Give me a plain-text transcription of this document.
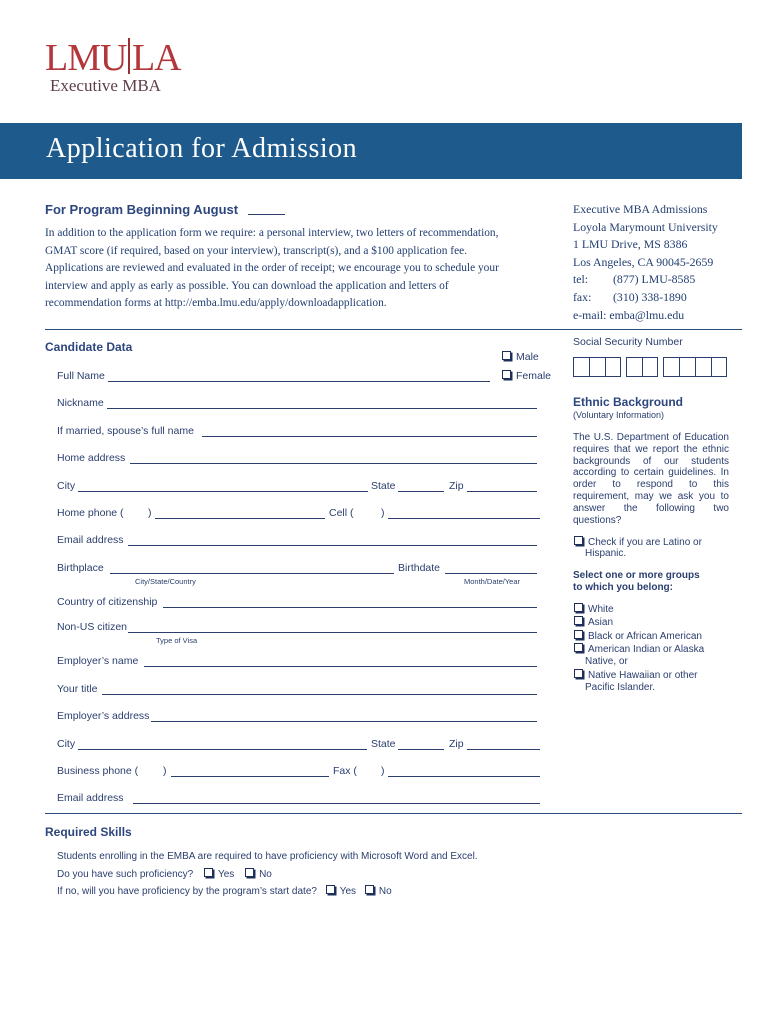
LMU LA
Executive MBA
Application for Admission
For Program Beginning August
In addition to the application form we require: a personal interview, two letters of recommendation,
GMAT score (if required, based on your interview), transcript(s), and a $100 application fee.
Applications are reviewed and evaluated in the order of receipt; we encourage you to schedule your
interview and apply as early as possible. You can download the application and letters of
recommendation forms at http://emba.lmu.edu/apply/downloadapplication.
Executive MBA Admissions
Loyola Marymount University
1 LMU Drive, MS 8386
Los Angeles, CA 90045-2659
tel: (877) LMU-8585
fax: (310) 338-1890
e-mail: emba@lmu.edu
Candidate Data
Male
Female
Full Name
Nickname
If married, spouse’s full name
Home address
City	State	Zip
Home phone ( )	Cell (	)
Email address
Birthplace	Birthdate
City/State/Country	Month/Date/Year
Country of citizenship
Non-US citizen
Type of Visa
Employer’s name
Your title
Employer’s address
City	State	Zip
Business phone ( )	Fax ( )
Email address
Required Skills
Students enrolling in the EMBA are required to have proficiency with Microsoft Word and Excel.
Do you have such proficiency? Yes No
If no, will you have proficiency by the program’s start date? Yes No
Social Security Number
Ethnic Background
(Voluntary Information)
The U.S. Department of Education requires that we report the ethnic backgrounds of our students according to certain guidelines. In order to respond to this requirement, may we ask you to answer the following two questions?
Check if you are Latino or
Hispanic.
Select one or more groups
to which you belong:
White
Asian
Black or African American
American Indian or Alaska
Native, or
Native Hawaiian or other
Pacific Islander.
